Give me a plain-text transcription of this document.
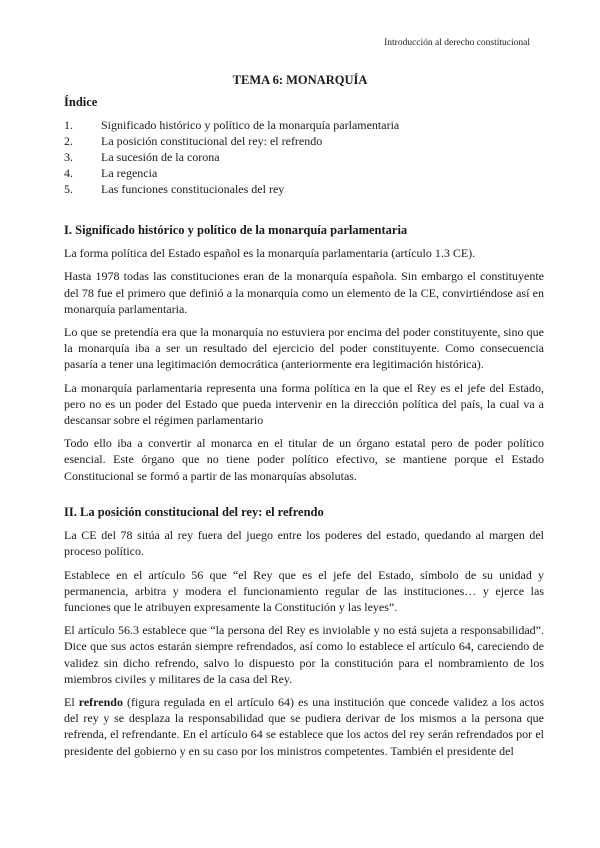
Introducción al derecho constitucional
TEMA 6: MONARQUÍA
Índice
1.	Significado histórico y político de la monarquía parlamentaria
2.	La posición constitucional del rey: el refrendo
3.	La sucesión de la corona
4.	La regencia
5.	Las funciones constitucionales del rey

I. Significado histórico y político de la monarquía parlamentaria

La forma política del Estado español es la monarquía parlamentaria (artículo 1.3 CE).

Hasta 1978 todas las constituciones eran de la monarquía española. Sin embargo el constituyente del 78 fue el primero que definió a la monarquía como un elemento de la CE, convirtiéndose así en monarquía parlamentaria.

Lo que se pretendía era que la monarquía no estuviera por encima del poder constituyente, sino que la monarquía iba a ser un resultado del ejercicio del poder constituyente. Como consecuencia pasaría a tener una legitimación democrática (anteriormente era legitimación histórica).

La monarquía parlamentaria representa una forma política en la que el Rey es el jefe del Estado, pero no es un poder del Estado que pueda intervenir en la dirección política del país, la cual va a descansar sobre el régimen parlamentario

Todo ello iba a convertir al monarca en el titular de un órgano estatal pero de poder político esencial. Este órgano que no tiene poder político efectivo, se mantiene porque el Estado Constitucional se formó a partir de las monarquías absolutas.

II. La posición constitucional del rey: el refrendo

La CE del 78 sitúa al rey fuera del juego entre los poderes del estado, quedando al margen del proceso político.

Establece en el artículo 56 que “el Rey que es el jefe del Estado, símbolo de su unidad y permanencia, arbitra y modera el funcionamiento regular de las instituciones… y ejerce las funciones que le atribuyen expresamente la Constitución y las leyes”.

El artículo 56.3 establece que “la persona del Rey es inviolable y no está sujeta a responsabilidad”. Dice que sus actos estarán siempre refrendados, así como lo establece el artículo 64, careciendo de validez sin dicho refrendo, salvo lo dispuesto por la constitución para el nombramiento de los miembros civiles y militares de la casa del Rey.

El refrendo (figura regulada en el artículo 64) es una institución que concede validez a los actos del rey y se desplaza la responsabilidad que se pudiera derivar de los mismos a la persona que refrenda, el refrendante. En el artículo 64 se establece que los actos del rey serán refrendados por el presidente del gobierno y en su caso por los ministros competentes. También el presidente del
